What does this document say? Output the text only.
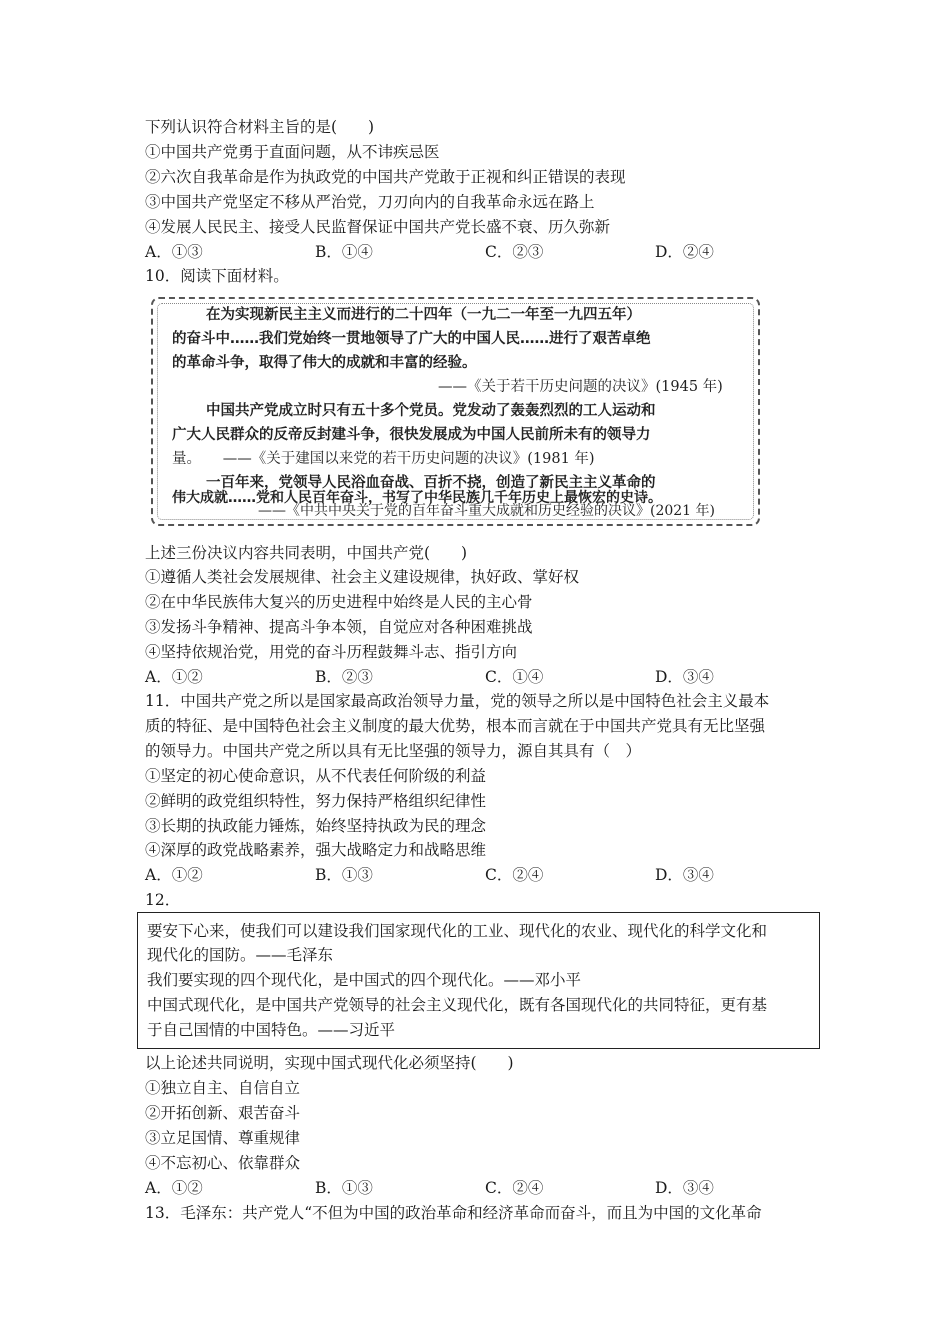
下列认识符合材料主旨的是(　　)
①中国共产党勇于直面问题，从不讳疾忌医
②六次自我革命是作为执政党的中国共产党敢于正视和纠正错误的表现
③中国共产党坚定不移从严治党，刀刃向内的自我革命永远在路上
④发展人民民主、接受人民监督保证中国共产党长盛不衰、历久弥新
A．①③	B．①④	C．②③	D．②④
10．阅读下面材料。
在为实现新民主主义而进行的二十四年（一九二一年至一九四五年）
的奋斗中……我们党始终一贯地领导了广大的中国人民……进行了艰苦卓绝
的革命斗争，取得了伟大的成就和丰富的经验。
——《关于若干历史问题的决议》(1945 年)
中国共产党成立时只有五十多个党员。党发动了轰轰烈烈的工人运动和
广大人民群众的反帝反封建斗争，很快发展成为中国人民前所未有的领导力
量。　　——《关于建国以来党的若干历史问题的决议》(1981 年)
一百年来，党领导人民浴血奋战、百折不挠，创造了新民主主义革命的
伟大成就……党和人民百年奋斗，书写了中华民族几千年历史上最恢宏的史诗。
——《中共中央关于党的百年奋斗重大成就和历史经验的决议》(2021 年)
上述三份决议内容共同表明，中国共产党(　　)
①遵循人类社会发展规律、社会主义建设规律，执好政、掌好权
②在中华民族伟大复兴的历史进程中始终是人民的主心骨
③发扬斗争精神、提高斗争本领，自觉应对各种困难挑战
④坚持依规治党，用党的奋斗历程鼓舞斗志、指引方向
A．①②	B．②③	C．①④	D．③④
11．中国共产党之所以是国家最高政治领导力量，党的领导之所以是中国特色社会主义最本
质的特征、是中国特色社会主义制度的最大优势，根本而言就在于中国共产党具有无比坚强
的领导力。中国共产党之所以具有无比坚强的领导力，源自其具有（　）
①坚定的初心使命意识，从不代表任何阶级的利益
②鲜明的政党组织特性，努力保持严格组织纪律性
③长期的执政能力锤炼，始终坚持执政为民的理念
④深厚的政党战略素养，强大战略定力和战略思维
A．①②	B．①③	C．②④	D．③④
12．
要安下心来，使我们可以建设我们国家现代化的工业、现代化的农业、现代化的科学文化和
现代化的国防。——毛泽东
我们要实现的四个现代化，是中国式的四个现代化。——邓小平
中国式现代化，是中国共产党领导的社会主义现代化，既有各国现代化的共同特征，更有基
于自己国情的中国特色。——习近平
以上论述共同说明，实现中国式现代化必须坚持(　　)
①独立自主、自信自立
②开拓创新、艰苦奋斗
③立足国情、尊重规律
④不忘初心、依靠群众
A．①②	B．①③	C．②④	D．③④
13．毛泽东：共产党人“不但为中国的政治革命和经济革命而奋斗，而且为中国的文化革命
